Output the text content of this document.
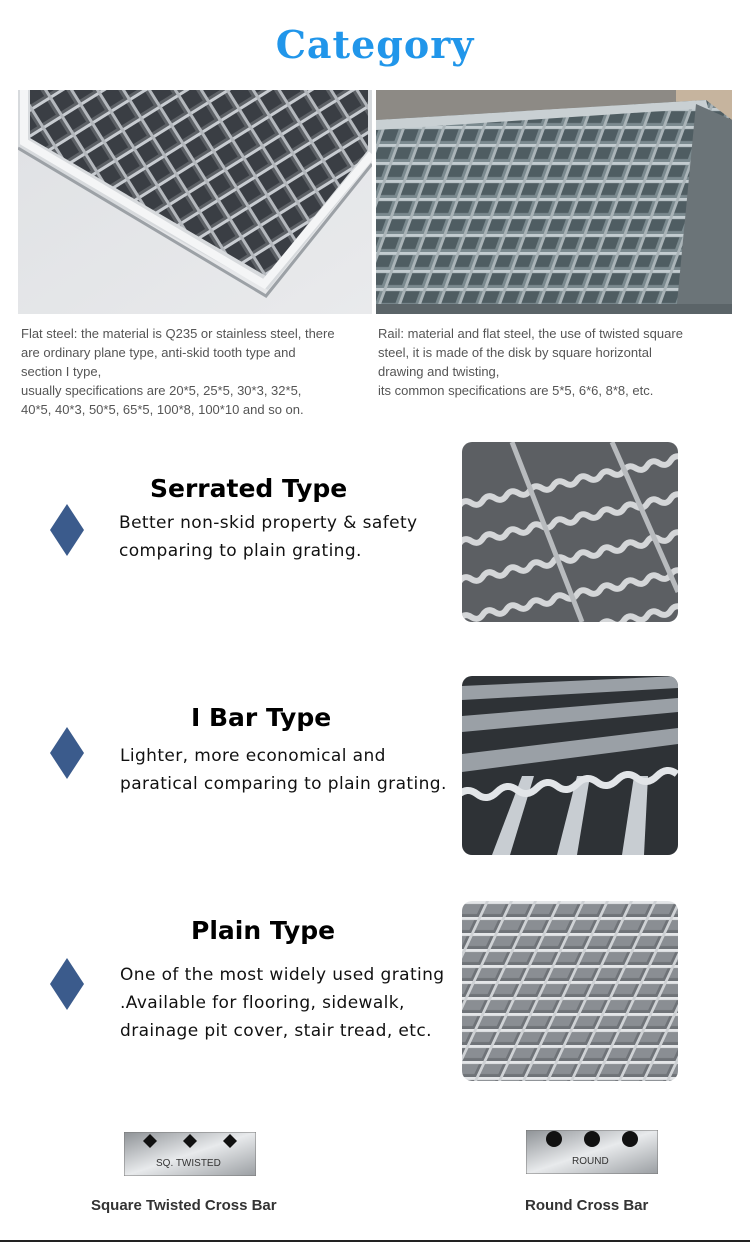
Category
Flat steel: the material is Q235 or stainless steel, there
are ordinary plane type, anti-skid tooth type and
section I type,
usually specifications are 20*5, 25*5, 30*3, 32*5,
40*5, 40*3, 50*5, 65*5, 100*8, 100*10 and so on.
Rail: material and flat steel, the use of twisted square
steel, it is made of the disk by square horizontal
drawing and twisting,
its common specifications are 5*5, 6*6, 8*8, etc.
Serrated Type
Better non-skid property & safety
comparing to plain grating.
I Bar Type
Lighter, more economical and
paratical comparing to plain grating.
Plain Type
One of the most widely used grating
.Available for flooring, sidewalk,
drainage pit cover, stair tread, etc.
SQ. TWISTED
Square Twisted Cross Bar
ROUND
Round Cross Bar
